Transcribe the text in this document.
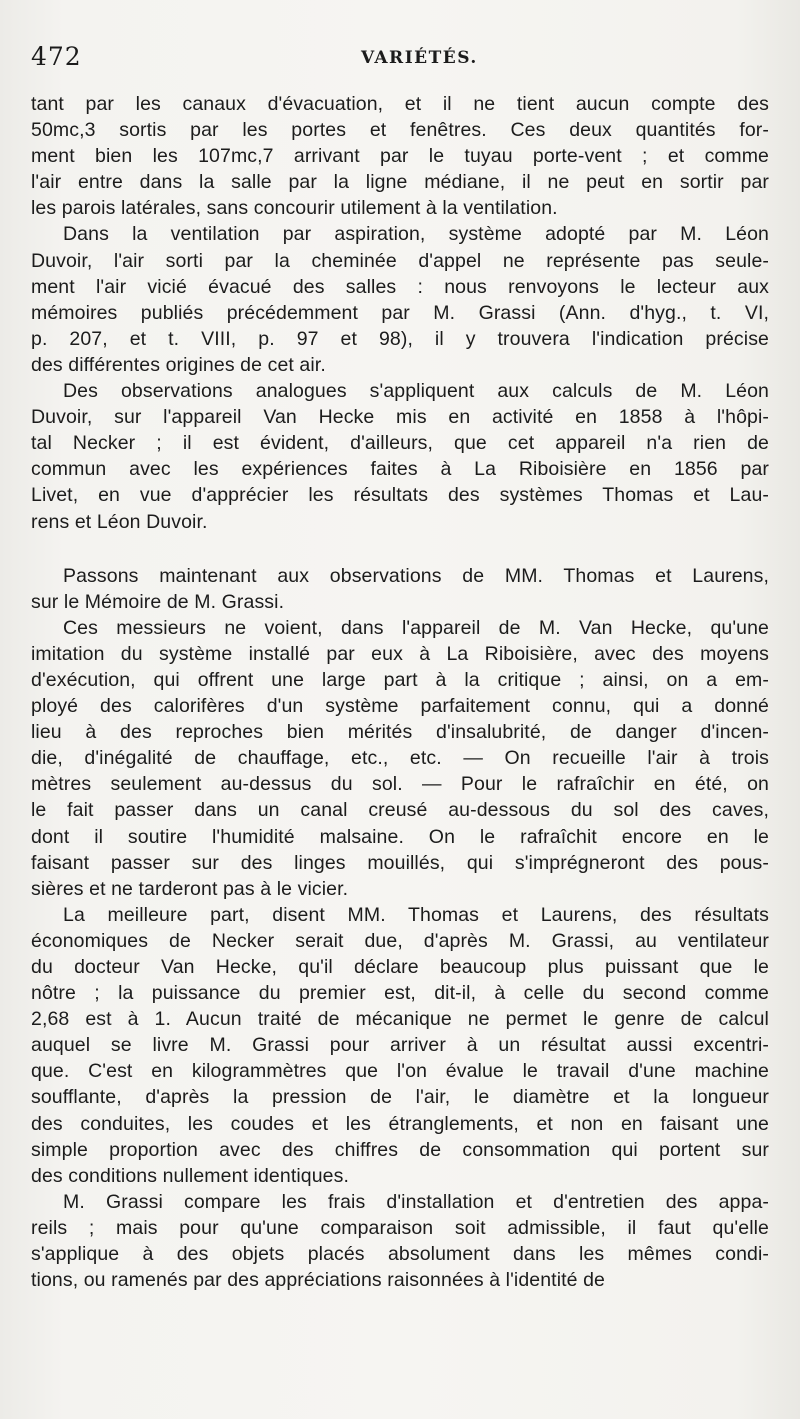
472	VARIÉTÉS.
tant par les canaux d'évacuation, et il ne tient aucun compte des
50mc,3 sortis par les portes et fenêtres. Ces deux quantités for-
ment bien les 107mc,7 arrivant par le tuyau porte-vent ; et comme
l'air entre dans la salle par la ligne médiane, il ne peut en sortir par
les parois latérales, sans concourir utilement à la ventilation.
Dans la ventilation par aspiration, système adopté par M. Léon
Duvoir, l'air sorti par la cheminée d'appel ne représente pas seule-
ment l'air vicié évacué des salles : nous renvoyons le lecteur aux
mémoires publiés précédemment par M. Grassi (Ann. d'hyg., t. VI,
p. 207, et t. VIII, p. 97 et 98), il y trouvera l'indication précise
des différentes origines de cet air.
Des observations analogues s'appliquent aux calculs de M. Léon
Duvoir, sur l'appareil Van Hecke mis en activité en 1858 à l'hôpi-
tal Necker ; il est évident, d'ailleurs, que cet appareil n'a rien de
commun avec les expériences faites à La Riboisière en 1856 par
Livet, en vue d'apprécier les résultats des systèmes Thomas et Lau-
rens et Léon Duvoir.
Passons maintenant aux observations de MM. Thomas et Laurens,
sur le Mémoire de M. Grassi.
Ces messieurs ne voient, dans l'appareil de M. Van Hecke, qu'une
imitation du système installé par eux à La Riboisière, avec des moyens
d'exécution, qui offrent une large part à la critique ; ainsi, on a em-
ployé des calorifères d'un système parfaitement connu, qui a donné
lieu à des reproches bien mérités d'insalubrité, de danger d'incen-
die, d'inégalité de chauffage, etc., etc. — On recueille l'air à trois
mètres seulement au-dessus du sol. — Pour le rafraîchir en été, on
le fait passer dans un canal creusé au-dessous du sol des caves,
dont il soutire l'humidité malsaine. On le rafraîchit encore en le
faisant passer sur des linges mouillés, qui s'imprégneront des pous-
sières et ne tarderont pas à le vicier.
La meilleure part, disent MM. Thomas et Laurens, des résultats
économiques de Necker serait due, d'après M. Grassi, au ventilateur
du docteur Van Hecke, qu'il déclare beaucoup plus puissant que le
nôtre ; la puissance du premier est, dit-il, à celle du second comme
2,68 est à 1. Aucun traité de mécanique ne permet le genre de calcul
auquel se livre M. Grassi pour arriver à un résultat aussi excentri-
que. C'est en kilogrammètres que l'on évalue le travail d'une machine
soufflante, d'après la pression de l'air, le diamètre et la longueur
des conduites, les coudes et les étranglements, et non en faisant une
simple proportion avec des chiffres de consommation qui portent sur
des conditions nullement identiques.
M. Grassi compare les frais d'installation et d'entretien des appa-
reils ; mais pour qu'une comparaison soit admissible, il faut qu'elle
s'applique à des objets placés absolument dans les mêmes condi-
tions, ou ramenés par des appréciations raisonnées à l'identité de
